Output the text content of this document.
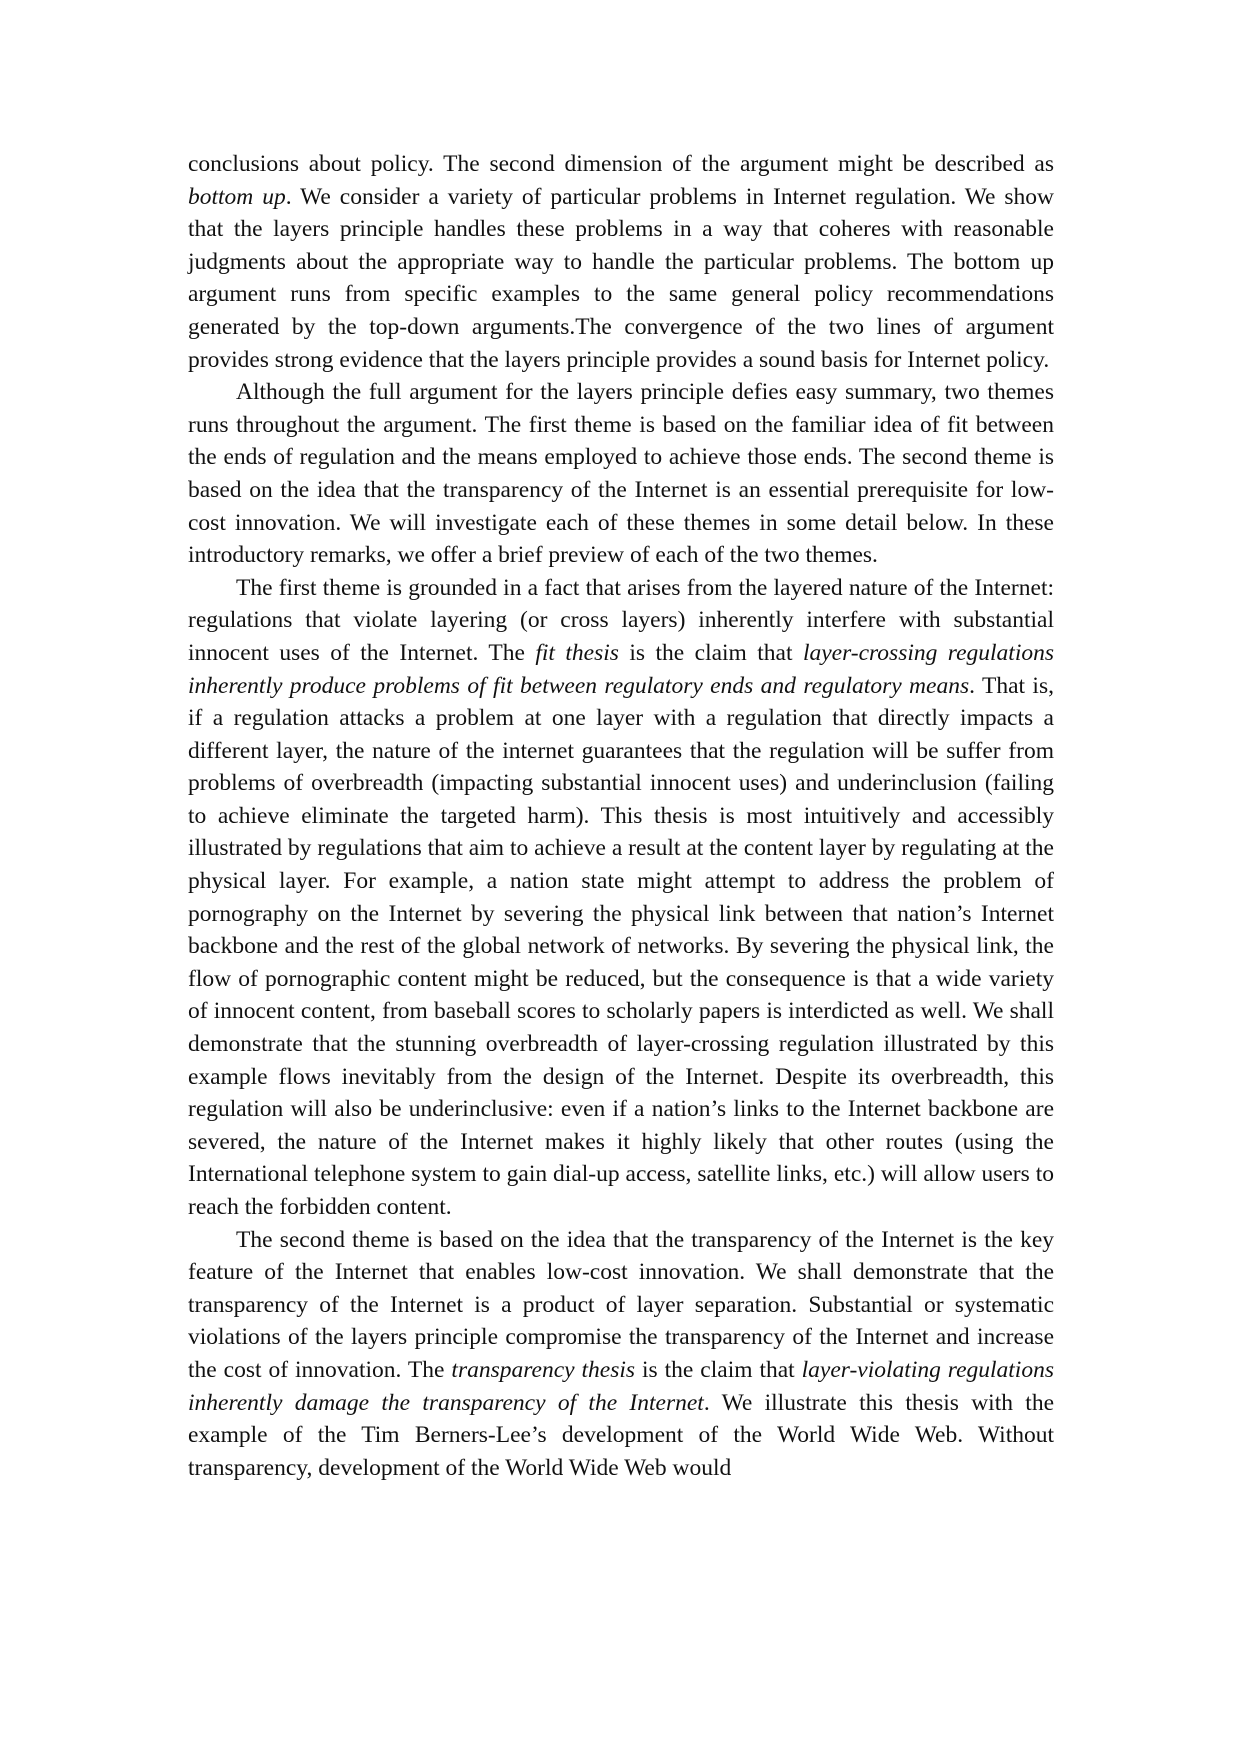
conclusions about policy. The second dimension of the argument might be described as bottom up. We consider a variety of particular problems in Internet regulation. We show that the layers principle handles these problems in a way that coheres with reasonable judgments about the appropriate way to handle the particular problems. The bottom up argument runs from specific examples to the same general policy recommendations generated by the top-down arguments.The convergence of the two lines of argument provides strong evidence that the layers principle provides a sound basis for Internet policy.

Although the full argument for the layers principle defies easy summary, two themes runs throughout the argument. The first theme is based on the familiar idea of fit between the ends of regulation and the means employed to achieve those ends. The second theme is based on the idea that the transparency of the Internet is an essential prerequisite for low-cost innovation. We will investigate each of these themes in some detail below. In these introductory remarks, we offer a brief preview of each of the two themes.

The first theme is grounded in a fact that arises from the layered nature of the Internet: regulations that violate layering (or cross layers) inherently interfere with substantial innocent uses of the Internet. The fit thesis is the claim that layer-crossing regulations inherently produce problems of fit between regulatory ends and regulatory means. That is, if a regulation attacks a problem at one layer with a regulation that directly impacts a different layer, the nature of the internet guarantees that the regulation will be suffer from problems of overbreadth (impacting substantial innocent uses) and underinclusion (failing to achieve eliminate the targeted harm). This thesis is most intuitively and accessibly illustrated by regulations that aim to achieve a result at the content layer by regulating at the physical layer. For example, a nation state might attempt to address the problem of pornography on the Internet by severing the physical link between that nation’s Internet backbone and the rest of the global network of networks. By severing the physical link, the flow of pornographic content might be reduced, but the consequence is that a wide variety of innocent content, from baseball scores to scholarly papers is interdicted as well. We shall demonstrate that the stunning overbreadth of layer-crossing regulation illustrated by this example flows inevitably from the design of the Internet. Despite its overbreadth, this regulation will also be underinclusive: even if a nation’s links to the Internet backbone are severed, the nature of the Internet makes it highly likely that other routes (using the International telephone system to gain dial-up access, satellite links, etc.) will allow users to reach the forbidden content.

The second theme is based on the idea that the transparency of the Internet is the key feature of the Internet that enables low-cost innovation. We shall demonstrate that the transparency of the Internet is a product of layer separation. Substantial or systematic violations of the layers principle compromise the transparency of the Internet and increase the cost of innovation. The transparency thesis is the claim that layer-violating regulations inherently damage the transparency of the Internet. We illustrate this thesis with the example of the Tim Berners-Lee’s development of the World Wide Web. Without transparency, development of the World Wide Web would
